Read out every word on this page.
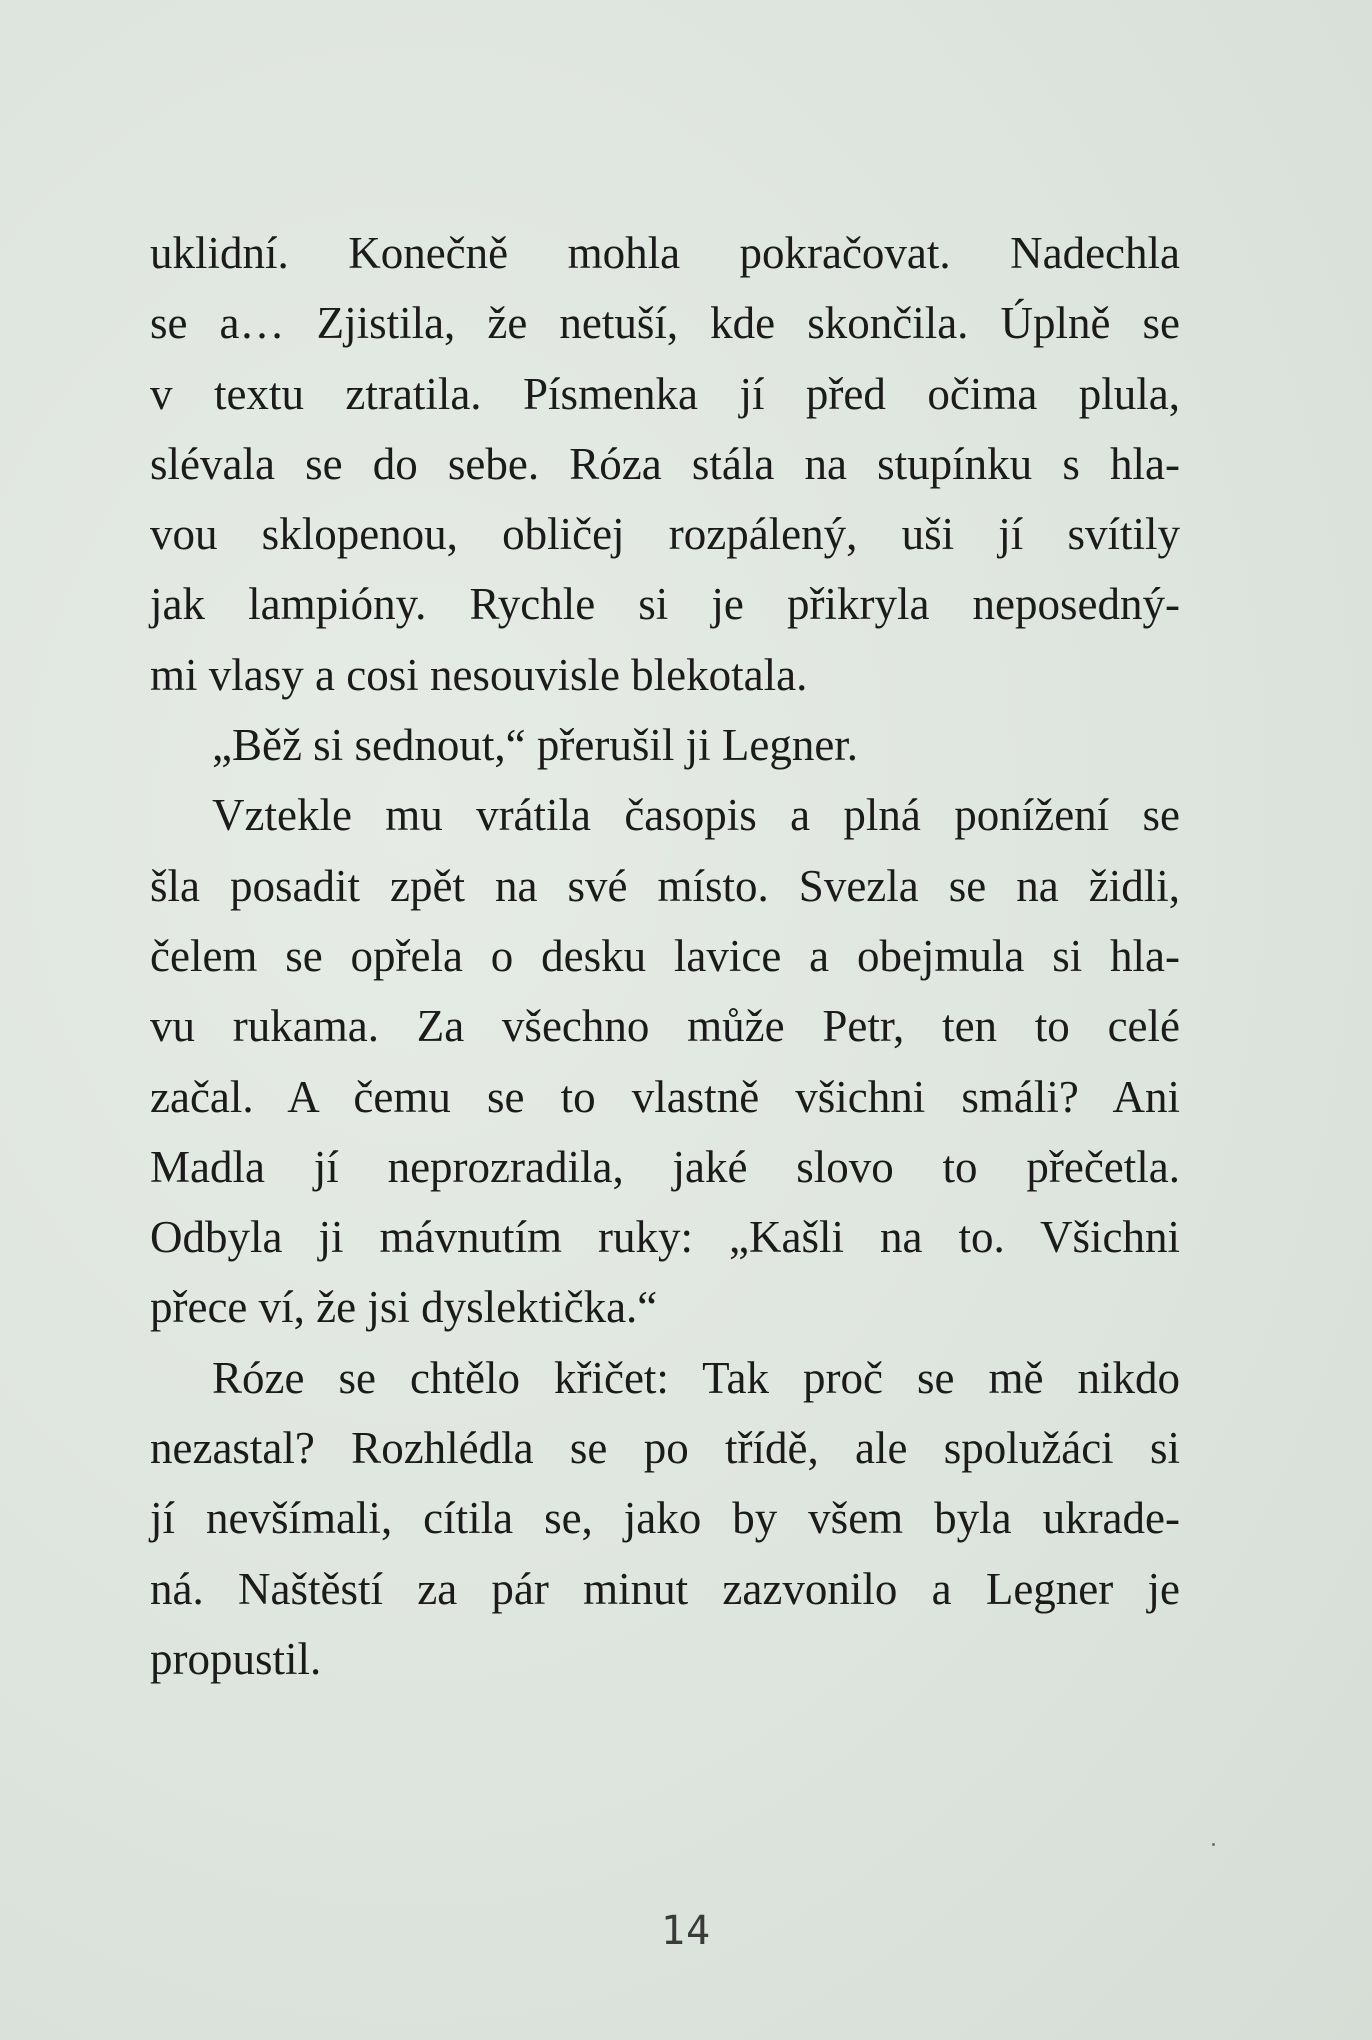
uklidní. Konečně mohla pokračovat. Nadechla
se a… Zjistila, že netuší, kde skončila. Úplně se
v textu ztratila. Písmenka jí před očima plula,
slévala se do sebe. Róza stála na stupínku s hla-
vou sklopenou, obličej rozpálený, uši jí svítily
jak lampióny. Rychle si je přikryla neposedný-
mi vlasy a cosi nesouvisle blekotala.
„Běž si sednout,“ přerušil ji Legner.
Vztekle mu vrátila časopis a plná ponížení se
šla posadit zpět na své místo. Svezla se na židli,
čelem se opřela o desku lavice a obejmula si hla-
vu rukama. Za všechno může Petr, ten to celé
začal. A čemu se to vlastně všichni smáli? Ani
Madla jí neprozradila, jaké slovo to přečetla.
Odbyla ji mávnutím ruky: „Kašli na to. Všichni
přece ví, že jsi dyslektička.“
Róze se chtělo křičet: Tak proč se mě nikdo
nezastal? Rozhlédla se po třídě, ale spolužáci si
jí nevšímali, cítila se, jako by všem byla ukrade-
ná. Naštěstí za pár minut zazvonilo a Legner je
propustil.
14
